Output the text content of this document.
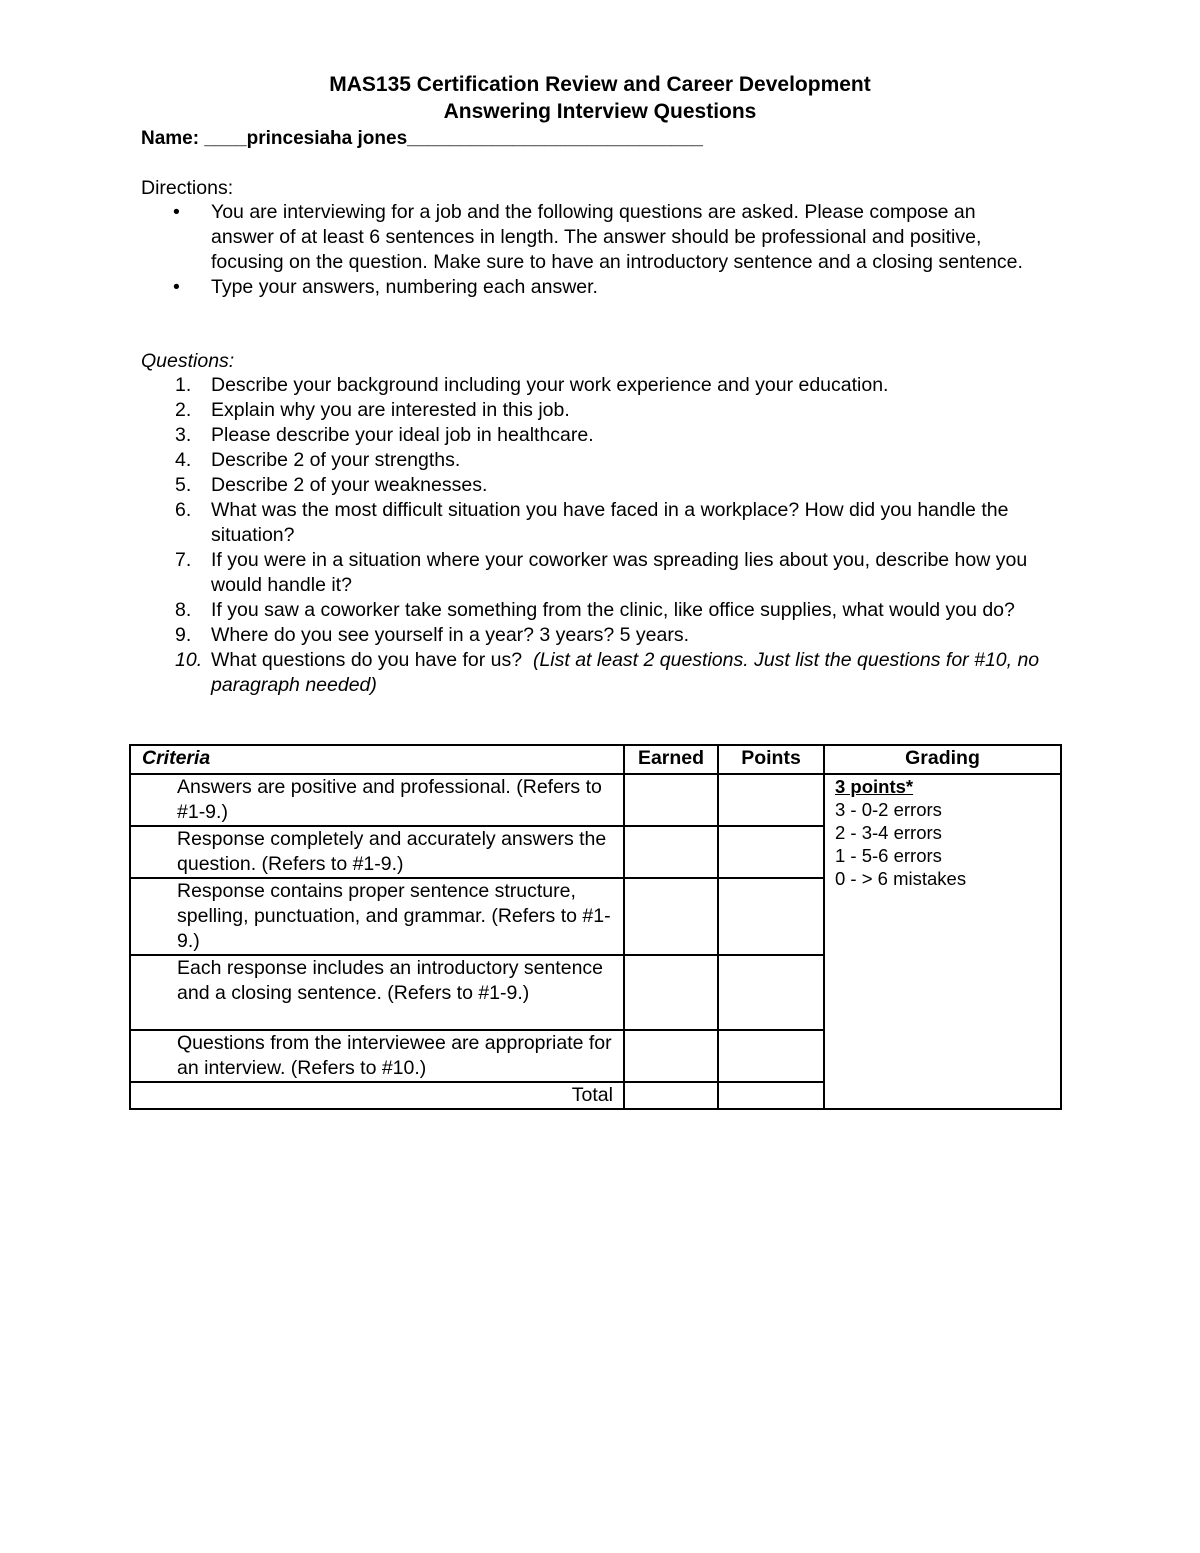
MAS135 Certification Review and Career Development
Answering Interview Questions
Name: ____princesiaha jones____________________________
Directions:
• You are interviewing for a job and the following questions are asked. Please compose an answer of at least 6 sentences in length. The answer should be professional and positive, focusing on the question. Make sure to have an introductory sentence and a closing sentence.
• Type your answers, numbering each answer.
Questions:
1. Describe your background including your work experience and your education.
2. Explain why you are interested in this job.
3. Please describe your ideal job in healthcare.
4. Describe 2 of your strengths.
5. Describe 2 of your weaknesses.
6. What was the most difficult situation you have faced in a workplace? How did you handle the situation?
7. If you were in a situation where your coworker was spreading lies about you, describe how you would handle it?
8. If you saw a coworker take something from the clinic, like office supplies, what would you do?
9. Where do you see yourself in a year? 3 years? 5 years.
10. What questions do you have for us? (List at least 2 questions. Just list the questions for #10, no paragraph needed)
Criteria	Earned	Points	Grading
Answers are positive and professional. (Refers to #1-9.)			3 points*
3 - 0-2 errors
2 - 3-4 errors
1 - 5-6 errors
0 - > 6 mistakes

Response completely and accurately answers the question. (Refers to #1-9.)			
Response contains proper sentence structure, spelling, punctuation, and grammar. (Refers to #1-9.)			
Each response includes an introductory sentence and a closing sentence. (Refers to #1-9.)			
Questions from the interviewee are appropriate for an interview. (Refers to #10.)			
Total			
